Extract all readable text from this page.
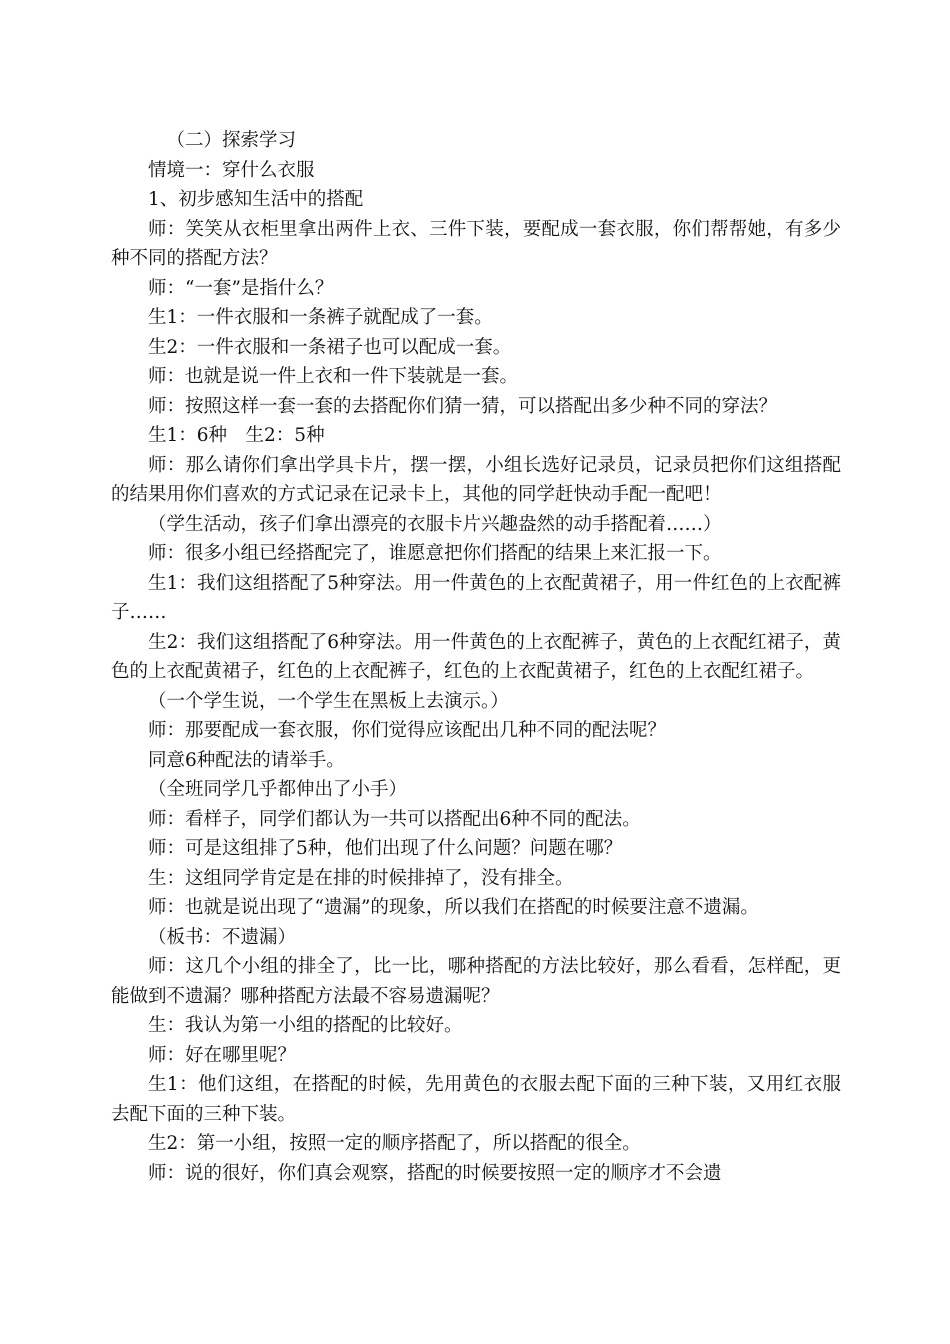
（二）探索学习

情境一：穿什么衣服

1、初步感知生活中的搭配

师：笑笑从衣柜里拿出两件上衣、三件下装，要配成一套衣服，你们帮帮她，有多少种不同的搭配方法？

师：“一套”是指什么？

生1：一件衣服和一条裤子就配成了一套。

生2：一件衣服和一条裙子也可以配成一套。

师：也就是说一件上衣和一件下装就是一套。

师：按照这样一套一套的去搭配你们猜一猜，可以搭配出多少种不同的穿法？

生1：6种　生2：5种

师：那么请你们拿出学具卡片，摆一摆，小组长选好记录员，记录员把你们这组搭配的结果用你们喜欢的方式记录在记录卡上，其他的同学赶快动手配一配吧！

（学生活动，孩子们拿出漂亮的衣服卡片兴趣盎然的动手搭配着……）

师：很多小组已经搭配完了，谁愿意把你们搭配的结果上来汇报一下。

生1：我们这组搭配了5种穿法。用一件黄色的上衣配黄裙子，用一件红色的上衣配裤子……

生2：我们这组搭配了6种穿法。用一件黄色的上衣配裤子，黄色的上衣配红裙子，黄色的上衣配黄裙子，红色的上衣配裤子，红色的上衣配黄裙子，红色的上衣配红裙子。

（一个学生说，一个学生在黑板上去演示。）

师：那要配成一套衣服，你们觉得应该配出几种不同的配法呢？

同意6种配法的请举手。

（全班同学几乎都伸出了小手）

师：看样子，同学们都认为一共可以搭配出6种不同的配法。

师：可是这组排了5种，他们出现了什么问题？问题在哪？

生：这组同学肯定是在排的时候排掉了，没有排全。

师：也就是说出现了“遗漏”的现象，所以我们在搭配的时候要注意不遗漏。

（板书：不遗漏）

师：这几个小组的排全了，比一比，哪种搭配的方法比较好，那么看看，怎样配，更能做到不遗漏？哪种搭配方法最不容易遗漏呢？

生：我认为第一小组的搭配的比较好。

师：好在哪里呢？

生1：他们这组，在搭配的时候，先用黄色的衣服去配下面的三种下装，又用红衣服去配下面的三种下装。

生2：第一小组，按照一定的顺序搭配了，所以搭配的很全。

师：说的很好，你们真会观察，搭配的时候要按照一定的顺序才不会遗
